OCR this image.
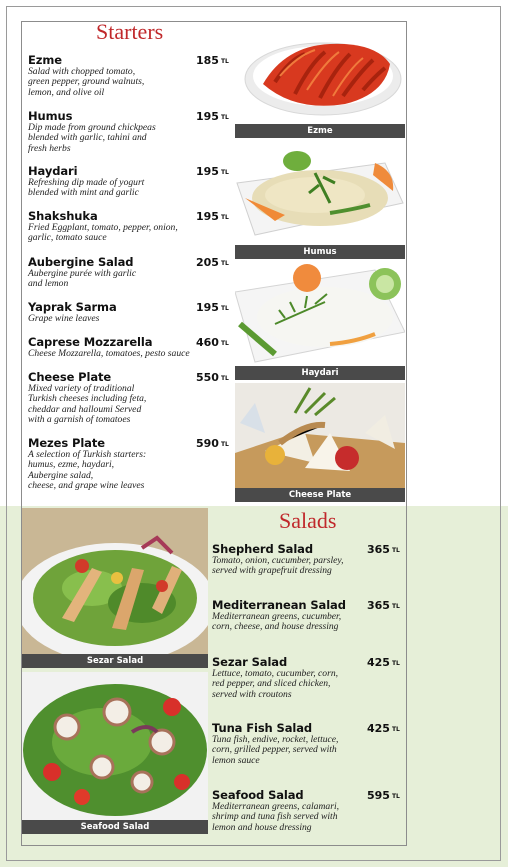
Starters
Ezme
Salad with chopped tomato,
green pepper, ground walnuts,
lemon, and olive oil
185 TL
Humus
Dip made from ground chickpeas
blended with garlic, tahini and
fresh herbs
195 TL
Haydari
Refreshing dip made of yogurt
blended with mint and garlic
195 TL
Shakshuka
Fried Eggplant, tomato, pepper, onion,
garlic, tomato sauce
195 TL
Aubergine Salad
Aubergine purée with garlic
and lemon
205 TL
Yaprak Sarma
Grape wine leaves
195 TL
Caprese Mozzarella
Cheese Mozzarella, tomatoes, pesto sauce
460 TL
Cheese Plate
Mixed variety of traditional
Turkish cheeses including feta,
cheddar and halloumi Served
with a garnish of tomatoes
550 TL
Mezes Plate
A selection of Turkish starters:
humus, ezme, haydari,
Aubergine salad,
cheese, and grape wine leaves
590 TL
Ezme
Humus
Haydari
Cheese Plate
Salads
Shepherd Salad
Tomato, onion, cucumber, parsley,
served with grapefruit dressing
365 TL
Mediterranean Salad
Mediterranean greens, cucumber,
corn, cheese, and house dressing
365 TL
Sezar Salad
Lettuce, tomato, cucumber, corn,
red pepper, and sliced chicken,
served with croutons
425 TL
Tuna Fish Salad
Tuna fish, endive, rocket, lettuce,
corn, grilled pepper, served with
lemon sauce
425 TL
Seafood Salad
Mediterranean greens, calamari,
shrimp and tuna fish served with
lemon and house dressing
595 TL
Sezar Salad
Seafood Salad
